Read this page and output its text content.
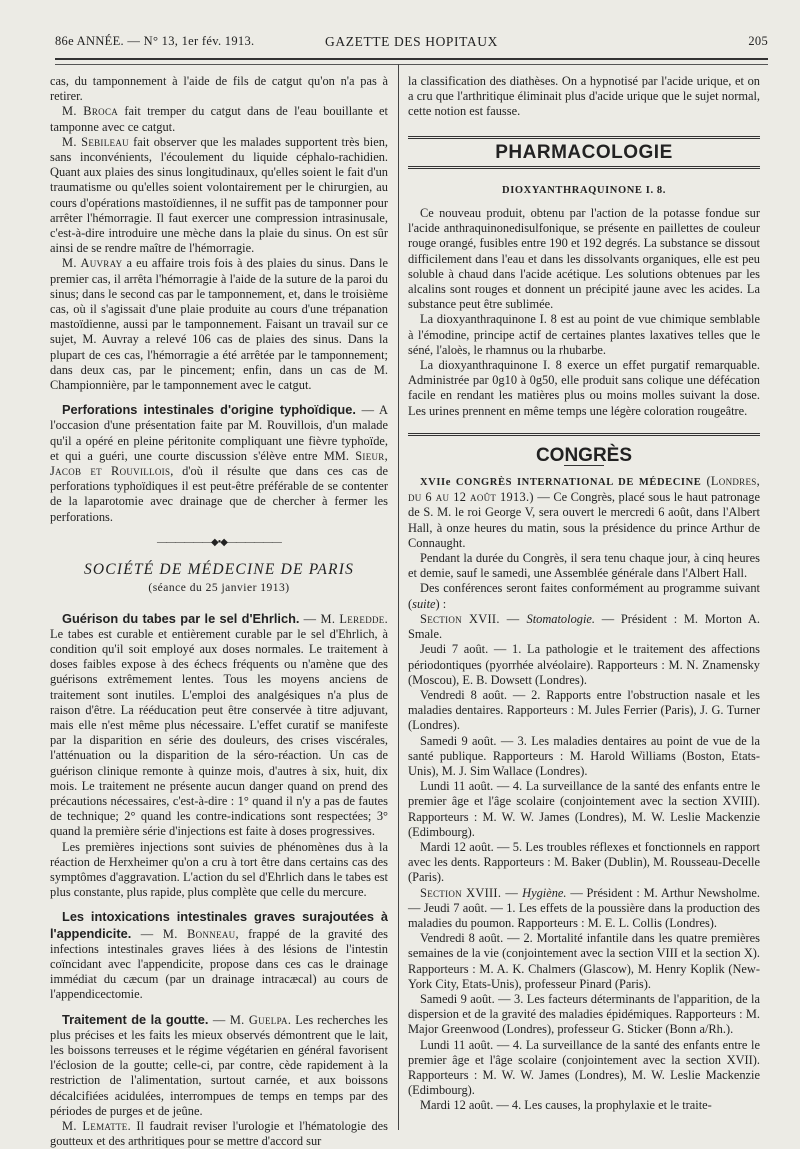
86e ANNÉE. — N° 13, 1er fév. 1913.	GAZETTE DES HOPITAUX	205

cas, du tamponnement à l'aide de fils de catgut qu'on n'a pas à retirer.

M. Broca fait tremper du catgut dans de l'eau bouillante et tamponne avec ce catgut.

M. Sebileau fait observer que les malades supportent très bien, sans inconvénients, l'écoulement du liquide céphalo-rachidien. Quant aux plaies des sinus longitudinaux, qu'elles soient le fait d'un traumatisme ou qu'elles soient volontairement per le chirurgien, au cours d'opérations mastoïdiennes, il ne suffit pas de tamponner pour arrêter l'hémorragie. Il faut exercer une compression intrasinusale, c'est-à-dire introduire une mèche dans la plaie du sinus. On est sûr ainsi de se rendre maître de l'hémorragie.

M. Auvray a eu affaire trois fois à des plaies du sinus. Dans le premier cas, il arrêta l'hémorragie à l'aide de la suture de la paroi du sinus; dans le second cas par le tamponnement, et, dans le troisième cas, où il s'agissait d'une plaie produite au cours d'une trépanation mastoïdienne, aussi par le tamponnement. Faisant un travail sur ce sujet, M. Auvray a relevé 106 cas de plaies des sinus. Dans la plupart de ces cas, l'hémorragie a été arrêtée par le tamponnement; dans deux cas, par le pincement; enfin, dans un cas de M. Championnière, par le tamponnement avec le catgut.

Perforations intestinales d'origine typhoïdique. — A l'occasion d'une présentation faite par M. Rouvillois, d'un malade qu'il a opéré en pleine péritonite compliquant une fièvre typhoïde, et qui a guéri, une courte discussion s'élève entre MM. Sieur, Jacob et Rouvillois, d'où il résulte que dans ces cas de perforations typhoïdiques il est peut-être préférable de se contenter de la laparotomie avec drainage que de chercher à fermer les perforations.

——————◆•◆——————
SOCIÉTÉ DE MÉDECINE DE PARIS
(séance du 25 janvier 1913)

Guérison du tabes par le sel d'Ehrlich. — M. Leredde. Le tabes est curable et entièrement curable par le sel d'Ehrlich, à condition qu'il soit employé aux doses normales. Le traitement à doses faibles expose à des échecs fréquents ou n'amène que des guérisons extrêmement lentes. Tous les moyens anciens de traitement sont inutiles. L'emploi des analgésiques n'a plus de raison d'être. La rééducation peut être conservée à titre adjuvant, mais elle n'est même plus nécessaire. L'effet curatif se manifeste par la disparition en série des douleurs, des crises viscérales, l'atténuation ou la disparition de la séro-réaction. Un cas de guérison clinique remonte à quinze mois, d'autres à six, huit, dix mois. Le traitement ne présente aucun danger quand on prend des précautions nécessaires, c'est-à-dire : 1° quand il n'y a pas de fautes de technique; 2° quand les contre-indications sont respectées; 3° quand la première série d'injections est faite à doses progressives.

Les premières injections sont suivies de phénomènes dus à la réaction de Herxheimer qu'on a cru à tort être dans certains cas des symptômes d'aggravation. L'action du sel d'Ehrlich dans le tabes est plus constante, plus rapide, plus complète que celle du mercure.

Les intoxications intestinales graves surajoutées à l'appendicite. — M. Bonneau, frappé de la gravité des infections intestinales graves liées à des lésions de l'intestin coïncidant avec l'appendicite, propose dans ces cas le drainage immédiat du cæcum (par un drainage intracæcal) au cours de l'appendicectomie.

Traitement de la goutte. — M. Guelpa. Les recherches les plus précises et les faits les mieux observés démontrent que le lait, les boissons terreuses et le régime végétarien en général favorisent l'éclosion de la goutte; celle-ci, par contre, cède rapidement à la restriction de l'alimentation, surtout carnée, et aux boissons décalcifiées acidulées, interrompues de temps en temps par des périodes de purges et de jeûne.

M. Lematte. Il faudrait reviser l'urologie et l'hématologie des goutteux et des arthritiques pour se mettre d'accord sur

la classification des diathèses. On a hypnotisé par l'acide urique, et on a cru que l'arthritique éliminait plus d'acide urique que le sujet normal, cette notion est fausse.

PHARMACOLOGIE
DIOXYANTHRAQUINONE I. 8.

Ce nouveau produit, obtenu par l'action de la potasse fondue sur l'acide anthraquinonedisulfonique, se présente en paillettes de couleur rouge orangé, fusibles entre 190 et 192 degrés. La substance se dissout difficilement dans l'eau et dans les dissolvants organiques, elle est peu soluble à chaud dans l'acide acétique. Les solutions obtenues par les alcalins sont rouges et donnent un précipité jaune avec les acides. La substance peut être sublimée.

La dioxyanthraquinone I. 8 est au point de vue chimique semblable à l'émodine, principe actif de certaines plantes laxatives telles que le séné, l'aloès, le rhamnus ou la rhubarbe.

La dioxyanthraquinone I. 8 exerce un effet purgatif remarquable. Administrée par 0g10 à 0g50, elle produit sans colique une défécation facile en rendant les matières plus ou moins molles suivant la dose. Les urines prennent en même temps une légère coloration rougeâtre.

CONGRÈS

XVIIe CONGRÈS INTERNATIONAL DE MÉDECINE (Londres, du 6 au 12 août 1913.) — Ce Congrès, placé sous le haut patronage de S. M. le roi George V, sera ouvert le mercredi 6 août, dans l'Albert Hall, à onze heures du matin, sous la présidence du prince Arthur de Connaught.

Pendant la durée du Congrès, il sera tenu chaque jour, à cinq heures et demie, sauf le samedi, une Assemblée générale dans l'Albert Hall.

Des conférences seront faites conformément au programme suivant (suite) :

Section XVII. — Stomatologie. — Président : M. Morton A. Smale.

Jeudi 7 août. — 1. La pathologie et le traitement des affections périodontiques (pyorrhée alvéolaire). Rapporteurs : M. N. Znamensky (Moscou), E. B. Dowsett (Londres).

Vendredi 8 août. — 2. Rapports entre l'obstruction nasale et les maladies dentaires. Rapporteurs : M. Jules Ferrier (Paris), J. G. Turner (Londres).

Samedi 9 août. — 3. Les maladies dentaires au point de vue de la santé publique. Rapporteurs : M. Harold Williams (Boston, Etats-Unis), M. J. Sim Wallace (Londres).

Lundi 11 août. — 4. La surveillance de la santé des enfants entre le premier âge et l'âge scolaire (conjointement avec la section XVIII). Rapporteurs : M. W. W. James (Londres), M. W. Leslie Mackenzie (Edimbourg).

Mardi 12 août. — 5. Les troubles réflexes et fonctionnels en rapport avec les dents. Rapporteurs : M. Baker (Dublin), M. Rousseau-Decelle (Paris).

Section XVIII. — Hygiène. — Président : M. Arthur Newsholme. — Jeudi 7 août. — 1. Les effets de la poussière dans la production des maladies du poumon. Rapporteurs : M. E. L. Collis (Londres).

Vendredi 8 août. — 2. Mortalité infantile dans les quatre premières semaines de la vie (conjointement avec la section VIII et la section X). Rapporteurs : M. A. K. Chalmers (Glascow), M. Henry Koplik (New-York City, Etats-Unis), professeur Pinard (Paris).

Samedi 9 août. — 3. Les facteurs déterminants de l'apparition, de la dispersion et de la gravité des maladies épidémiques. Rapporteurs : M. Major Greenwood (Londres), professeur G. Sticker (Bonn a/Rh.).

Lundi 11 août. — 4. La surveillance de la santé des enfants entre le premier âge et l'âge scolaire (conjointement avec la section XVII). Rapporteurs : M. W. W. James (Londres), M. W. Leslie Mackenzie (Edimbourg).

Mardi 12 août. — 4. Les causes, la prophylaxie et le traite-
